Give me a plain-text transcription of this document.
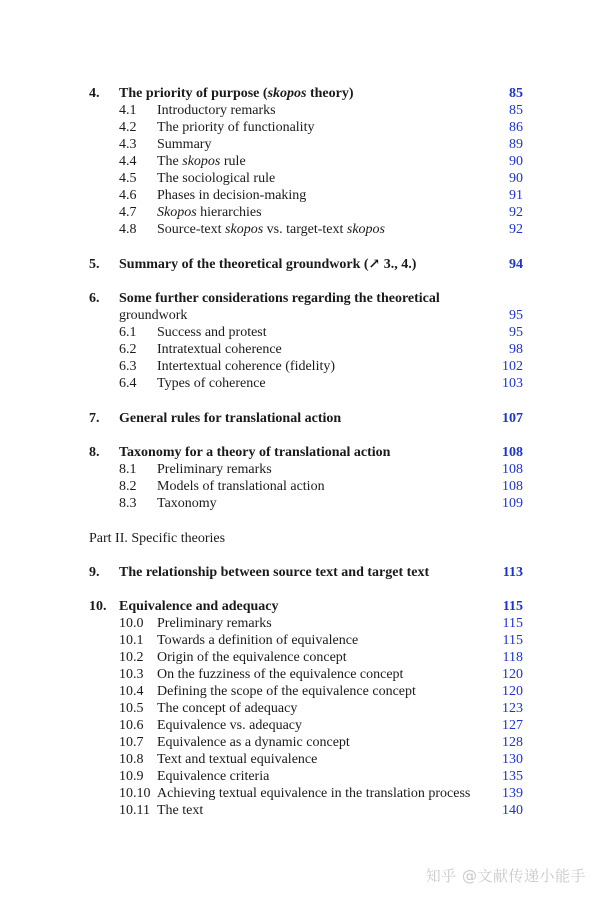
4. The priority of purpose (skopos theory)	85
4.1 Introductory remarks	85
4.2 The priority of functionality	86
4.3 Summary	89
4.4 The skopos rule	90
4.5 The sociological rule	90
4.6 Phases in decision-making	91
4.7 Skopos hierarchies	92
4.8 Source-text skopos vs. target-text skopos	92
5. Summary of the theoretical groundwork (↗ 3., 4.)	94
6. Some further considerations regarding the theoretical
groundwork	95
6.1 Success and protest	95
6.2 Intratextual coherence	98
6.3 Intertextual coherence (fidelity)	102
6.4 Types of coherence	103
7. General rules for translational action	107
8. Taxonomy for a theory of translational action	108
8.1 Preliminary remarks	108
8.2 Models of translational action	108
8.3 Taxonomy	109
Part II. Specific theories
9. The relationship between source text and target text	113
10. Equivalence and adequacy	115
10.0 Preliminary remarks	115
10.1 Towards a definition of equivalence	115
10.2 Origin of the equivalence concept	118
10.3 On the fuzziness of the equivalence concept	120
10.4 Defining the scope of the equivalence concept	120
10.5 The concept of adequacy	123
10.6 Equivalence vs. adequacy	127
10.7 Equivalence as a dynamic concept	128
10.8 Text and textual equivalence	130
10.9 Equivalence criteria	135
10.10 Achieving textual equivalence in the translation process 139
10.11 The text	140
知乎 @文献传递小能手
